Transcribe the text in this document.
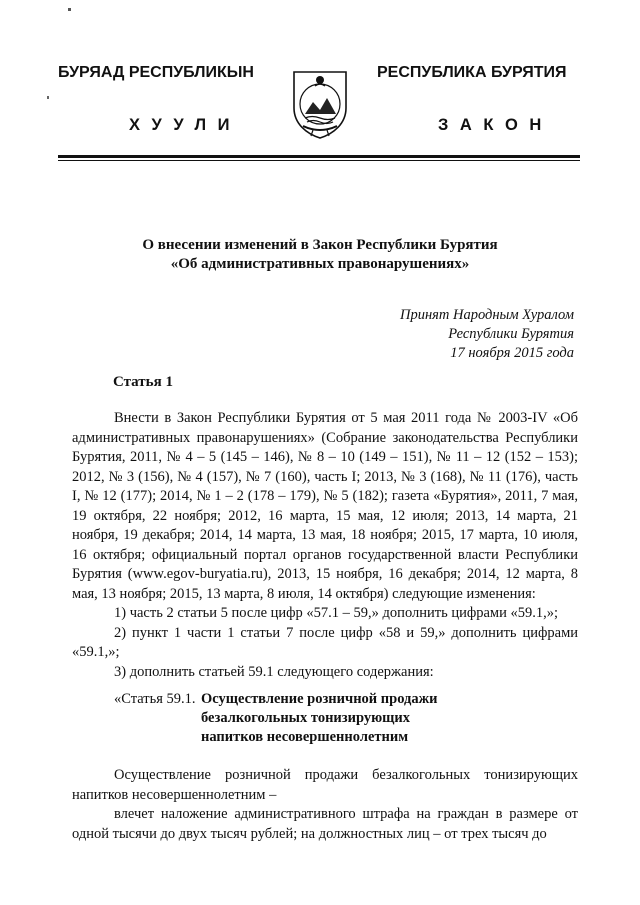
БУРЯАД РЕСПУБЛИКЫН	РЕСПУБЛИКА БУРЯТИЯ
ХУУЛИ	ЗАКОН
О внесении изменений в Закон Республики Бурятия
«Об административных правонарушениях»
Принят Народным Хуралом
Республики Бурятия
17 ноября 2015 года
Статья 1

Внести в Закон Республики Бурятия от 5 мая 2011 года № 2003-IV «Об административных правонарушениях» (Собрание законодательства Республики Бурятия, 2011, № 4 – 5 (145 – 146), № 8 – 10 (149 – 151), № 11 – 12 (152 – 153); 2012, № 3 (156), № 4 (157), № 7 (160), часть I; 2013, № 3 (168), № 11 (176), часть I, № 12 (177); 2014, № 1 – 2 (178 – 179), № 5 (182); газета «Бурятия», 2011, 7 мая, 19 октября, 22 ноября; 2012, 16 марта, 15 мая, 12 июля; 2013, 14 марта, 21 ноября, 19 декабря; 2014, 14 марта, 13 мая, 18 ноября; 2015, 17 марта, 10 июля, 16 октября; официальный портал органов государственной власти Республики Бурятия (www.egov-buryatia.ru), 2013, 15 ноября, 16 декабря; 2014, 12 марта, 8 мая, 13 ноября; 2015, 13 марта, 8 июля, 14 октября) следующие изменения:

1) часть 2 статьи 5 после цифр «57.1 – 59,» дополнить цифрами «59.1,»;

2) пункт 1 части 1 статьи 7 после цифр «58 и 59,» дополнить цифрами «59.1,»;

3) дополнить статьей 59.1 следующего содержания:

«Статья 59.1. Осуществление розничной продажи
безалкогольных тонизирующих
напитков несовершеннолетним

Осуществление розничной продажи безалкогольных тонизирующих напитков несовершеннолетним –

влечет наложение административного штрафа на граждан в размере от одной тысячи до двух тысяч рублей; на должностных лиц – от трех тысяч до
